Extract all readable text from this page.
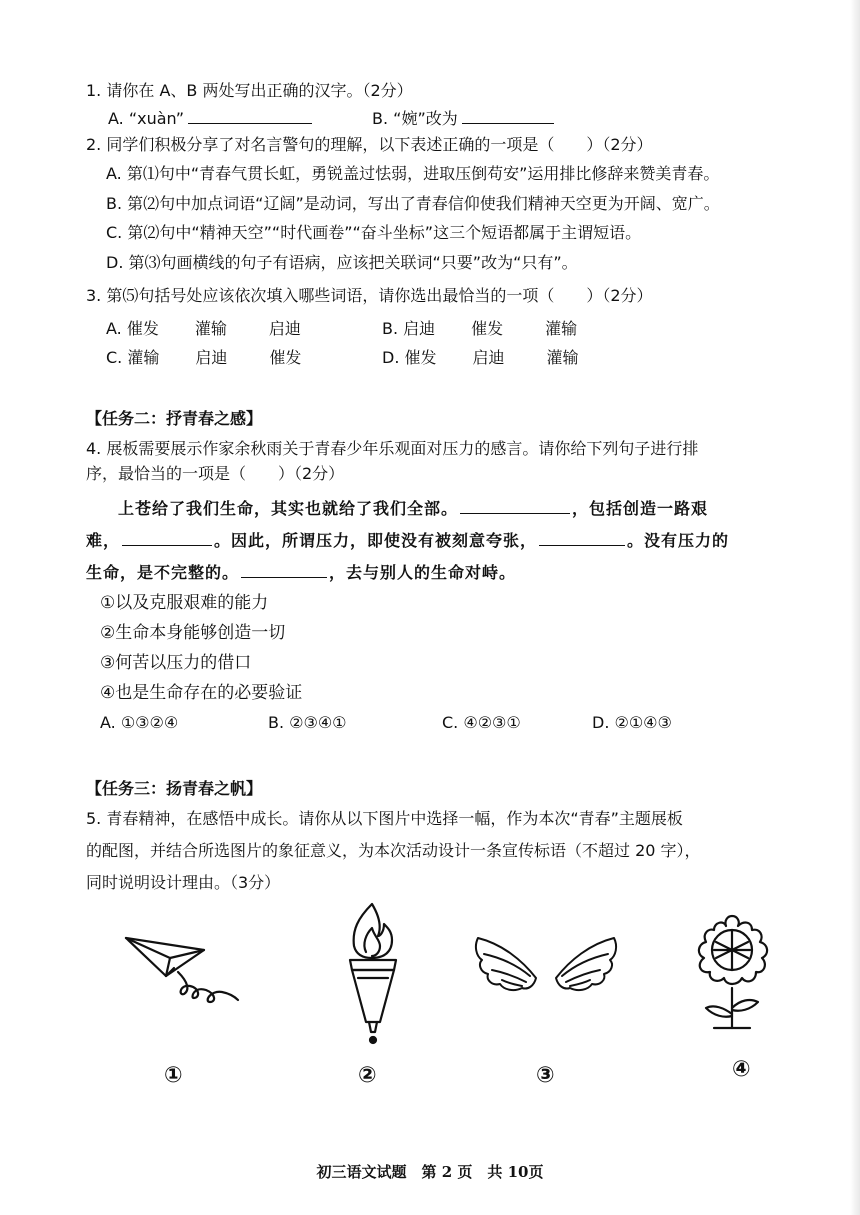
1. 请你在 A、B 两处写出正确的汉字。（2分）
A. “xuàn”	B. “婉”改为
2. 同学们积极分享了对名言警句的理解，以下表述正确的一项是（　　）（2分）
A. 第⑴句中“青春气贯长虹，勇锐盖过怯弱，进取压倒苟安”运用排比修辞来赞美青春。
B. 第⑵句中加点词语“辽阔”是动词，写出了青春信仰使我们精神天空更为开阔、宽广。
C. 第⑵句中“精神天空”“时代画卷”“奋斗坐标”这三个短语都属于主谓短语。
D. 第⑶句画横线的句子有语病，应该把关联词“只要”改为“只有”。
3. 第⑸句括号处应该依次填入哪些词语，请你选出最恰当的一项（　　）（2分）
A. 催发 灌输	启迪	B. 启迪 催发	灌输
C. 灌输 启迪	催发	D. 催发 启迪	灌输
【任务二：抒青春之感】
4. 展板需要展示作家余秋雨关于青春少年乐观面对压力的感言。请你给下列句子进行排
序，最恰当的一项是（　　）（2分）
上苍给了我们生命，其实也就给了我们全部。	，包括创造一路艰
难，	。因此，所谓压力，即使没有被刻意夸张，	。没有压力的
生命，是不完整的。	，去与别人的生命对峙。
①以及克服艰难的能力
②生命本身能够创造一切
③何苦以压力的借口
④也是生命存在的必要验证
A. ①③②④	B. ②③④①	C. ④②③①	D. ②①④③
【任务三：扬青春之帆】
5. 青春精神，在感悟中成长。请你从以下图片中选择一幅，作为本次“青春”主题展板
的配图，并结合所选图片的象征意义，为本次活动设计一条宣传标语（不超过 20 字），
同时说明设计理由。（3分）
①	②	③	④
初三语文试题　第 2 页　共 10页
